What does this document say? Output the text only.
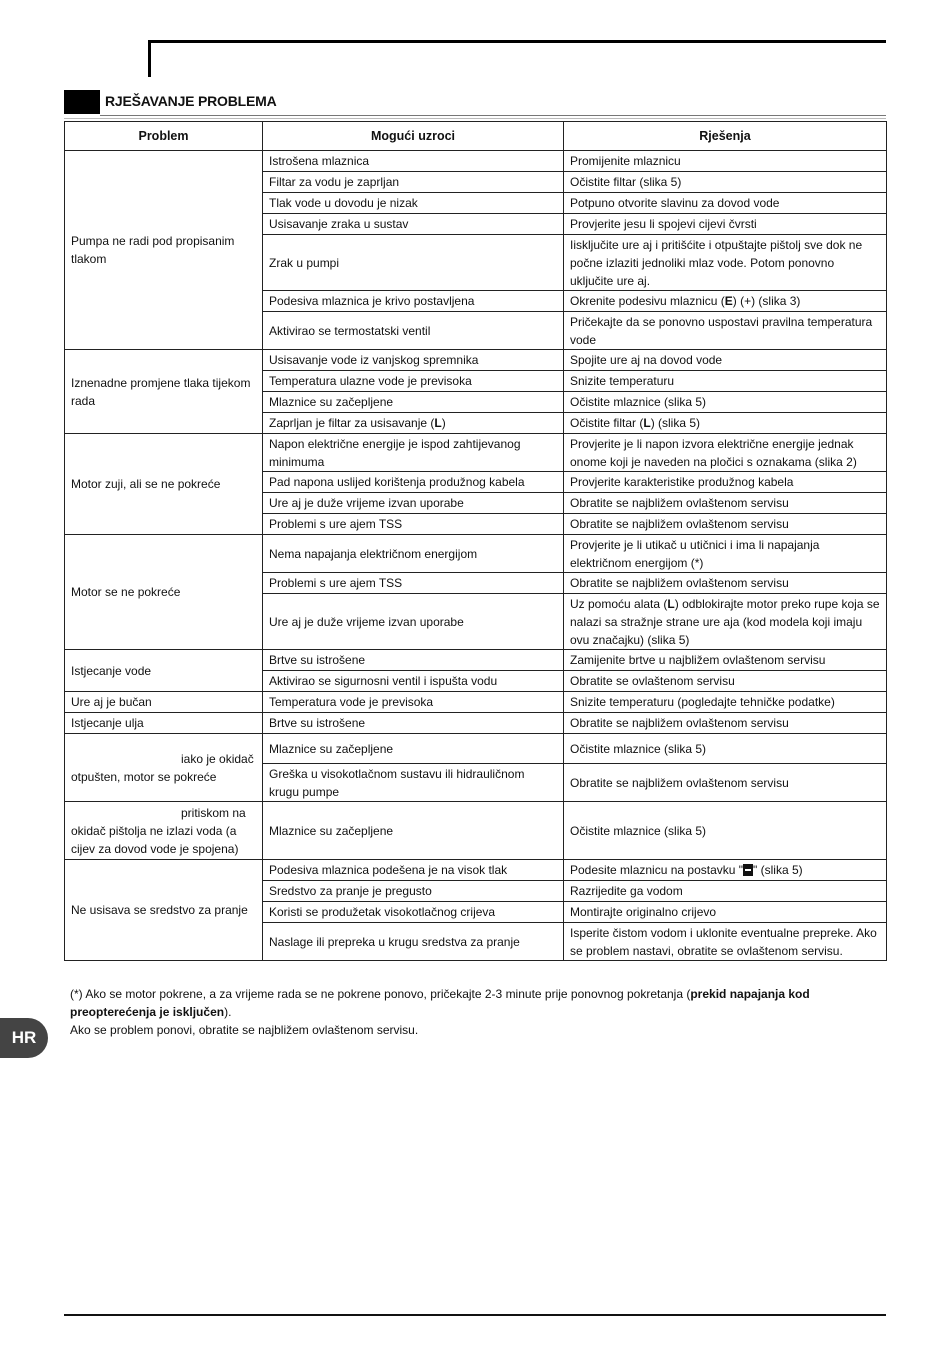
RJEŠAVANJE PROBLEMA
Problem	Mogući uzroci	Rješenja
Pumpa ne radi pod propisanim tlakom	Istrošena mlaznica	Promijenite mlaznicu
	Filtar za vodu je zaprljan	Očistite filtar (slika 5)
	Tlak vode u dovodu je nizak	Potpuno otvorite slavinu za dovod vode
	Usisavanje zraka u sustav	Provjerite jesu li spojevi cijevi čvrsti
	Zrak u pumpi	Iisključite ure aj i pritišćite i otpuštajte pištolj sve dok ne počne izlaziti jednoliki mlaz vode. Potom ponovno uključite ure aj.
	Podesiva mlaznica je krivo postavljena	Okrenite podesivu mlaznicu (E) (+) (slika 3)
	Aktivirao se termostatski ventil	Pričekajte da se ponovno uspostavi pravilna temperatura vode
Iznenadne promjene tlaka tijekom rada	Usisavanje vode iz vanjskog spremnika	Spojite ure aj na dovod vode
	Temperatura ulazne vode je previsoka	Snizite temperaturu
	Mlaznice su začepljene	Očistite mlaznice (slika 5)
	Zaprljan je filtar za usisavanje (L)	Očistite filtar (L) (slika 5)
Motor zuji, ali se ne pokreće	Napon električne energije je ispod zahtijevanog minimuma	Provjerite je li napon izvora električne energije jednak onome koji je naveden na pločici s oznakama (slika 2)
	Pad napona uslijed korištenja produžnog kabela	Provjerite karakteristike produžnog kabela
	Ure aj je duže vrijeme izvan uporabe	Obratite se najbližem ovlaštenom servisu
	Problemi s ure ajem TSS	Obratite se najbližem ovlaštenom servisu
Motor se ne pokreće	Nema napajanja električnom energijom	Provjerite je li utikač u utičnici i ima li napajanja električnom energijom (*)
	Problemi s ure ajem TSS	Obratite se najbližem ovlaštenom servisu
	Ure aj je duže vrijeme izvan uporabe	Uz pomoću alata (L) odblokirajte motor preko rupe koja se nalazi sa stražnje strane ure aja (kod modela koji imaju ovu značajku) (slika 5)
Istjecanje vode	Brtve su istrošene	Zamijenite brtve u najbližem ovlaštenom servisu
	Aktivirao se sigurnosni ventil i ispušta vodu	Obratite se ovlaštenom servisu
Ure aj je bučan	Temperatura vode je previsoka	Snizite temperaturu (pogledajte tehničke podatke)
Istjecanje ulja	Brtve su istrošene	Obratite se najbližem ovlaštenom servisu
iako je okidač otpušten, motor se pokreće	Mlaznice su začepljene	Očistite mlaznice (slika 5)
	Greška u visokotlačnom sustavu ili hidrauličnom krugu pumpe	Obratite se najbližem ovlaštenom servisu
pritiskom na okidač pištolja ne izlazi voda (a cijev za dovod vode je spojena)	Mlaznice su začepljene	Očistite mlaznice (slika 5)
Ne usisava se sredstvo za pranje	Podesiva mlaznica podešena je na visok tlak	Podesite mlaznicu na postavku " " (slika 5)
	Sredstvo za pranje je pregusto	Razrijedite ga vodom
	Koristi se produžetak visokotlačnog crijeva	Montirajte originalno crijevo
	Naslage ili prepreka u krugu sredstva za pranje	Isperite čistom vodom i uklonite eventualne prepreke. Ako se problem nastavi, obratite se ovlaštenom servisu.

(*) Ako se motor pokrene, a za vrijeme rada se ne pokrene ponovo, pričekajte 2-3 minute prije ponovnog pokretanja (prekid napajanja kod preopterećenja je isključen).

Ako se problem ponovi, obratite se najbližem ovlaštenom servisu.

HR
